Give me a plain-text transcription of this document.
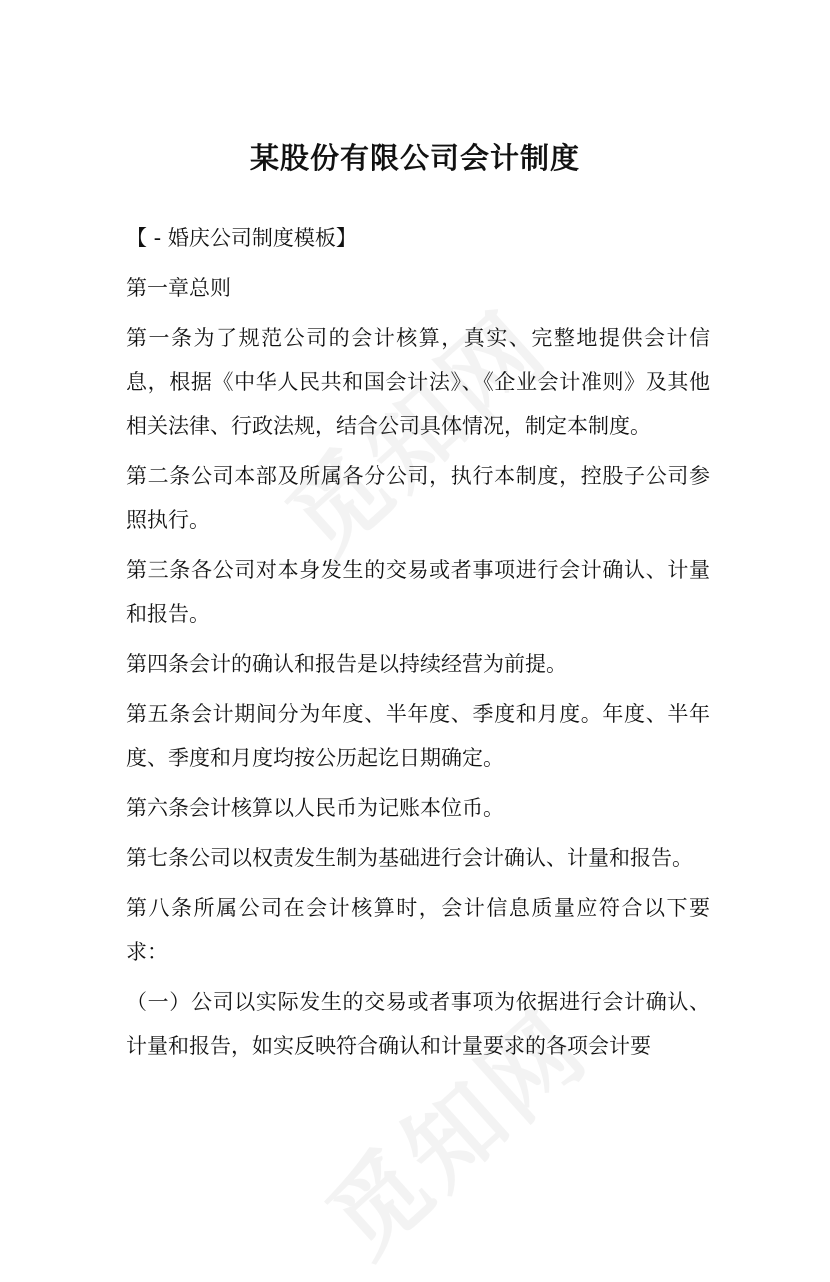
某股份有限公司会计制度

【 - 婚庆公司制度模板】

第一章总则

第一条为了规范公司的会计核算，真实、完整地提供会计信息，根据《中华人民共和国会计法》、《企业会计准则》及其他相关法律、行政法规，结合公司具体情况，制定本制度。

第二条公司本部及所属各分公司，执行本制度，控股子公司参照执行。

第三条各公司对本身发生的交易或者事项进行会计确认、计量和报告。

第四条会计的确认和报告是以持续经营为前提。

第五条会计期间分为年度、半年度、季度和月度。年度、半年度、季度和月度均按公历起讫日期确定。

第六条会计核算以人民币为记账本位币。

第七条公司以权责发生制为基础进行会计确认、计量和报告。

第八条所属公司在会计核算时，会计信息质量应符合以下要求：

（一）公司以实际发生的交易或者事项为依据进行会计确认、计量和报告，如实反映符合确认和计量要求的各项会计要
